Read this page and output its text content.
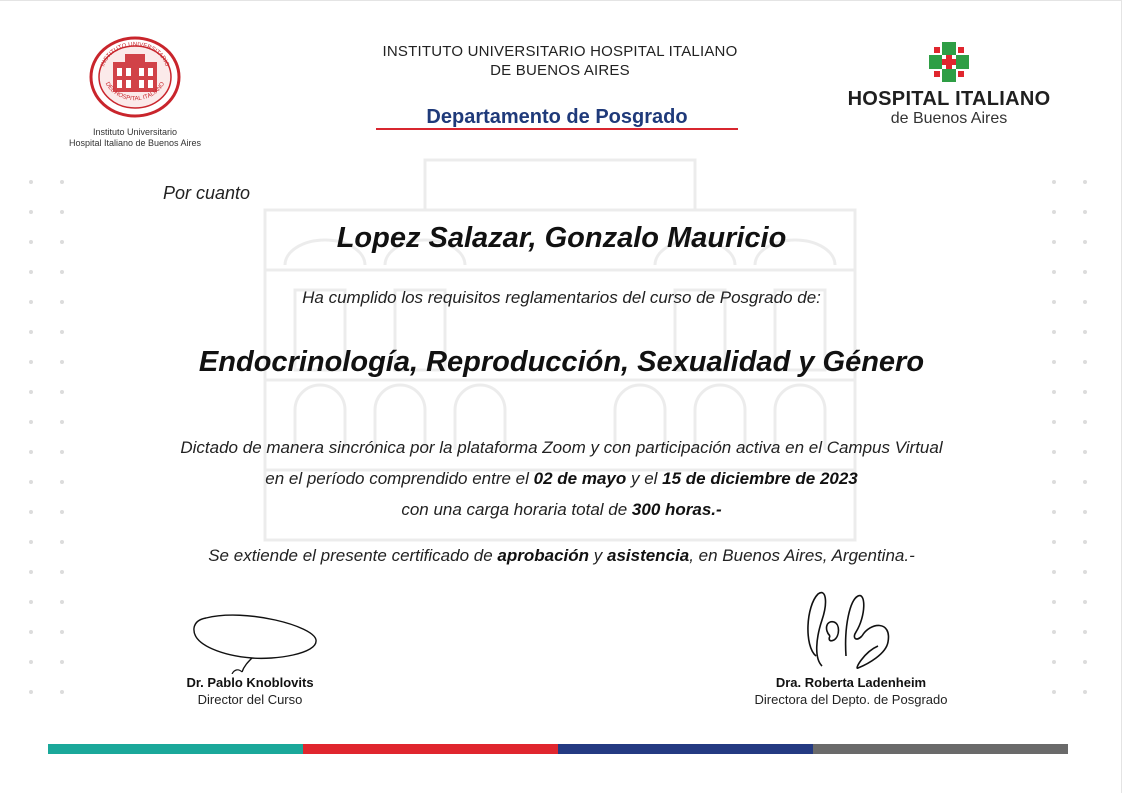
INSTITUTO UNIVERSITARIO
DEL HOSPITAL ITALIANO
Instituto Universitario
Hospital Italiano de Buenos Aires
INSTITUTO UNIVERSITARIO HOSPITAL ITALIANO
DE BUENOS AIRES
Departamento de Posgrado
HOSPITAL ITALIANO
de Buenos Aires
Por cuanto
Lopez Salazar, Gonzalo Mauricio
Ha cumplido los requisitos reglamentarios del curso de Posgrado de:
Endocrinología, Reproducción, Sexualidad y Género
Dictado de manera sincrónica por la plataforma Zoom y con participación activa en el Campus Virtual
en el período comprendido entre el 02 de mayo y el 15 de diciembre de 2023
con una carga horaria total de 300 horas.-
Se extiende el presente certificado de aprobación y asistencia, en Buenos Aires, Argentina.-
Dr. Pablo Knoblovits
Director del Curso
Dra. Roberta Ladenheim
Directora del Depto. de Posgrado
